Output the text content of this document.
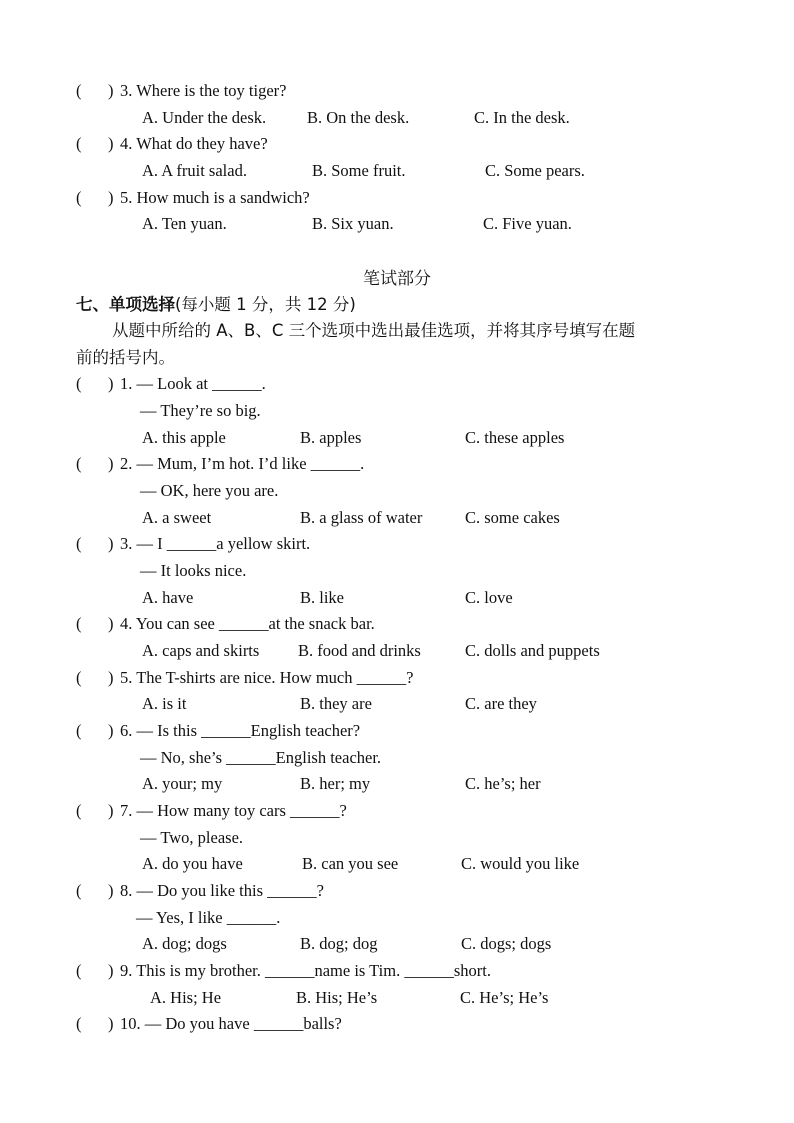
( ) 3. Where is the toy tiger?
A. Under the desk. B. On the desk.	C. In the desk.
( ) 4. What do they have?
A. A fruit salad.	B. Some fruit.	C. Some pears.
( ) 5. How much is a sandwich?
A. Ten yuan.	B. Six yuan.	C. Five yuan.
笔试部分
七、单项选择(每小题 1 分，共 12 分)
从题中所给的 A、B、C 三个选项中选出最佳选项，并将其序号填写在题
前的括号内。
( ) 1. — Look at ______.
— They’re so big.
A. this apple	B. apples	C. these apples
( ) 2. — Mum, I’m hot. I’d like ______.
— OK, here you are.
A. a sweet	B. a glass of water	C. some cakes
( ) 3. — I ______a yellow skirt.
— It looks nice.
A. have	B. like	C. love
( ) 4. You can see ______at the snack bar.
A. caps and skirts B. food and drinks	C. dolls and puppets
( ) 5. The T-shirts are nice. How much ______?
A. is it	B. they are	C. are they
( ) 6. — Is this ______English teacher?
— No, she’s ______English teacher.
A. your; my	B. her; my	C. he’s; her
( ) 7. — How many toy cars ______?
— Two, please.
A. do you have	B. can you see	C. would you like
( ) 8. — Do you like this ______?
— Yes, I like ______.
A. dog; dogs	B. dog; dog	C. dogs; dogs
( ) 9. This is my brother. ______name is Tim. ______short.
A. His; He	B. His; He’s	C. He’s; He’s
( ) 10. — Do you have ______balls?
